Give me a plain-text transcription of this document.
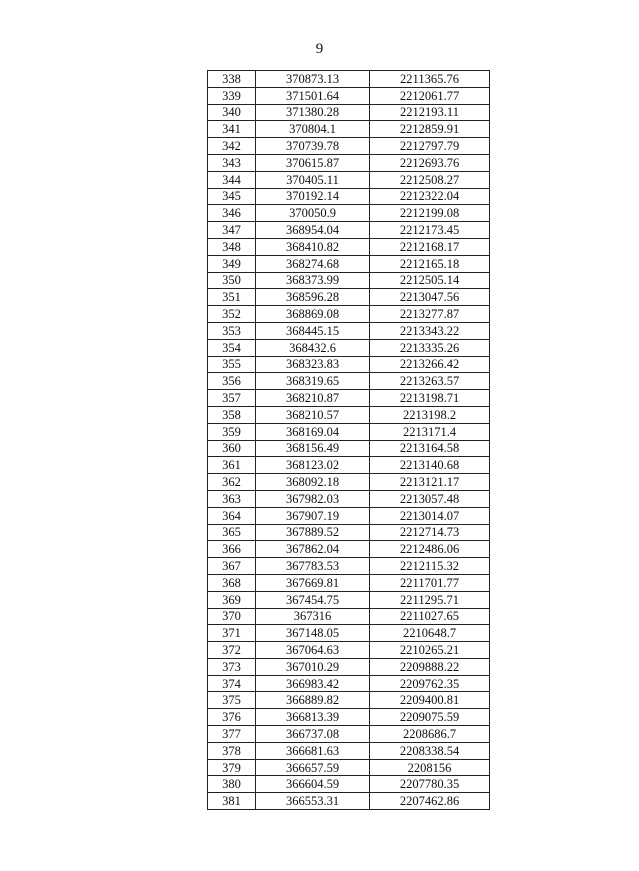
9
338	370873.13	2211365.76
339	371501.64	2212061.77
340	371380.28	2212193.11
341	370804.1	2212859.91
342	370739.78	2212797.79
343	370615.87	2212693.76
344	370405.11	2212508.27
345	370192.14	2212322.04
346	370050.9	2212199.08
347	368954.04	2212173.45
348	368410.82	2212168.17
349	368274.68	2212165.18
350	368373.99	2212505.14
351	368596.28	2213047.56
352	368869.08	2213277.87
353	368445.15	2213343.22
354	368432.6	2213335.26
355	368323.83	2213266.42
356	368319.65	2213263.57
357	368210.87	2213198.71
358	368210.57	2213198.2
359	368169.04	2213171.4
360	368156.49	2213164.58
361	368123.02	2213140.68
362	368092.18	2213121.17
363	367982.03	2213057.48
364	367907.19	2213014.07
365	367889.52	2212714.73
366	367862.04	2212486.06
367	367783.53	2212115.32
368	367669.81	2211701.77
369	367454.75	2211295.71
370	367316	2211027.65
371	367148.05	2210648.7
372	367064.63	2210265.21
373	367010.29	2209888.22
374	366983.42	2209762.35
375	366889.82	2209400.81
376	366813.39	2209075.59
377	366737.08	2208686.7
378	366681.63	2208338.54
379	366657.59	2208156
380	366604.59	2207780.35
381	366553.31	2207462.86
